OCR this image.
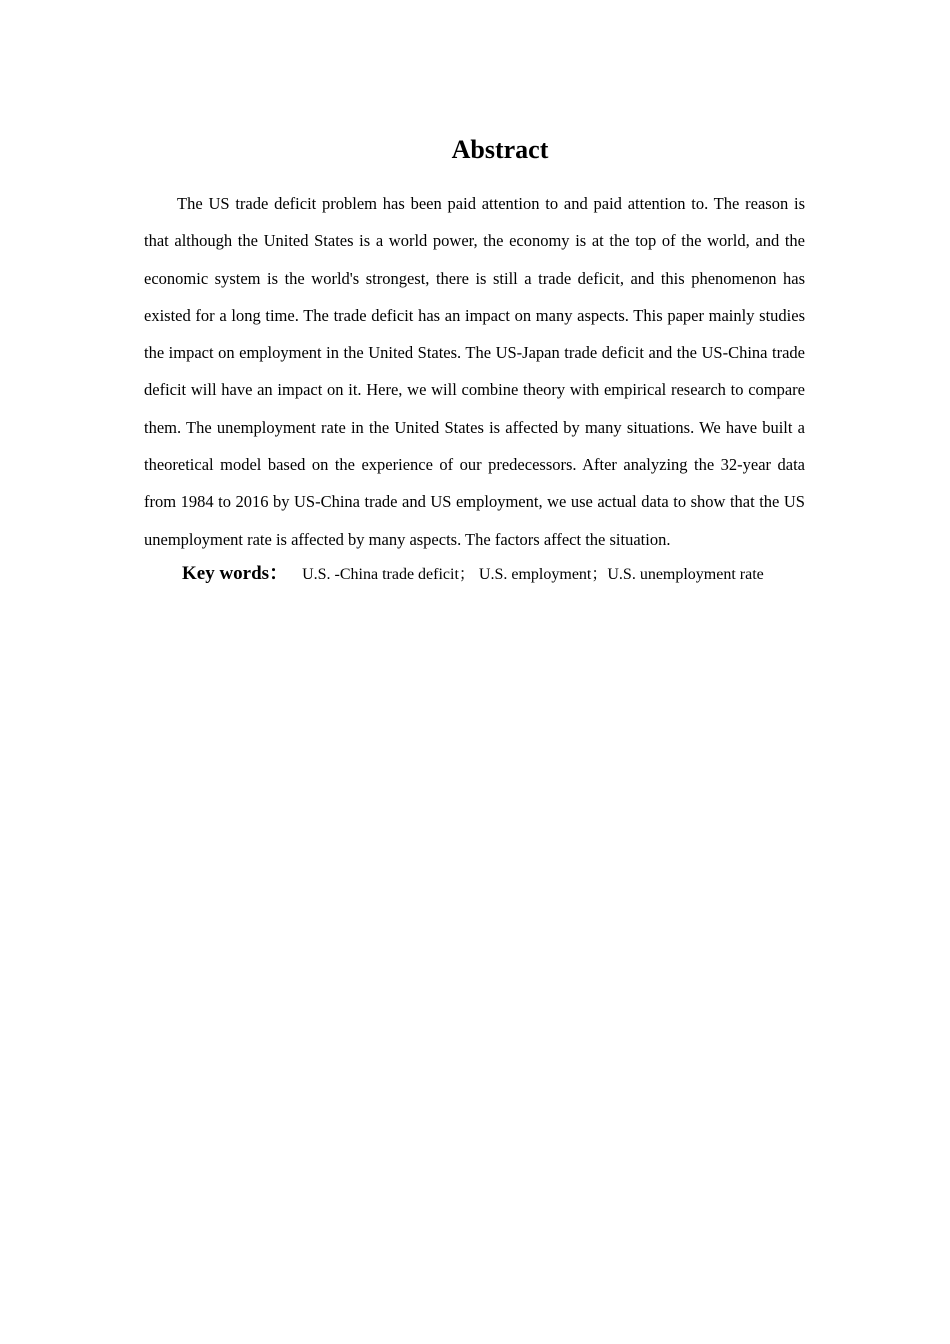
Abstract

The US trade deficit problem has been paid attention to and paid attention to. The reason is that although the United States is a world power, the economy is at the top of the world, and the economic system is the world's strongest, there is still a trade deficit, and this phenomenon has existed for a long time. The trade deficit has an impact on many aspects. This paper mainly studies the impact on employment in the United States. The US-Japan trade deficit and the US-China trade deficit will have an impact on it. Here, we will combine theory with empirical research to compare them. The unemployment rate in the United States is affected by many situations. We have built a theoretical model based on the experience of our predecessors. After analyzing the 32-year data from 1984 to 2016 by US-China trade and US employment, we use actual data to show that the US unemployment rate is affected by many aspects. The factors affect the situation.

Key words： U.S. -China trade deficit； U.S. employment；U.S. unemployment rate
